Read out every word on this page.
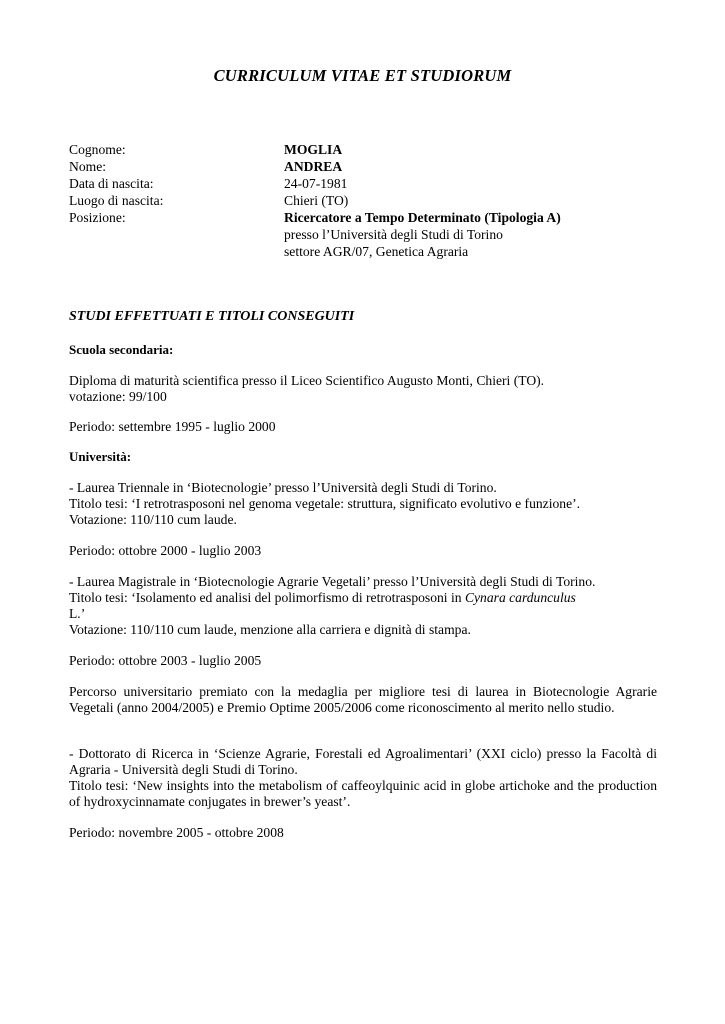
CURRICULUM VITAE ET STUDIORUM
Cognome:	MOGLIA
Nome:	ANDREA
Data di nascita:	24-07-1981
Luogo di nascita:	Chieri (TO)
Posizione:	Ricercatore a Tempo Determinato (Tipologia A)
presso l’Università degli Studi di Torino
settore AGR/07, Genetica Agraria
STUDI EFFETTUATI E TITOLI CONSEGUITI

Scuola secondaria:

Diploma di maturità scientifica presso il Liceo Scientifico Augusto Monti, Chieri (TO).

votazione: 99/100

Periodo: settembre 1995 - luglio 2000

Università:

- Laurea Triennale in ‘Biotecnologie’ presso l’Università degli Studi di Torino.

Titolo tesi: ‘I retrotrasposoni nel genoma vegetale: struttura, significato evolutivo e funzione’.

Votazione: 110/110 cum laude.

Periodo: ottobre 2000 - luglio 2003

- Laurea Magistrale in ‘Biotecnologie Agrarie Vegetali’ presso l’Università degli Studi di Torino.

Titolo tesi: ‘Isolamento ed analisi del polimorfismo di retrotrasposoni in Cynara cardunculus

L.’

Votazione: 110/110 cum laude, menzione alla carriera e dignità di stampa.

Periodo: ottobre 2003 - luglio 2005

Percorso universitario premiato con la medaglia per migliore tesi di laurea in Biotecnologie Agrarie Vegetali (anno 2004/2005) e Premio Optime 2005/2006 come riconoscimento al merito nello studio.

- Dottorato di Ricerca in ‘Scienze Agrarie, Forestali ed Agroalimentari’ (XXI ciclo) presso la Facoltà di Agraria - Università degli Studi di Torino.

Titolo tesi: ‘New insights into the metabolism of caffeoylquinic acid in globe artichoke and the production of hydroxycinnamate conjugates in brewer’s yeast’.

Periodo: novembre 2005 - ottobre 2008
